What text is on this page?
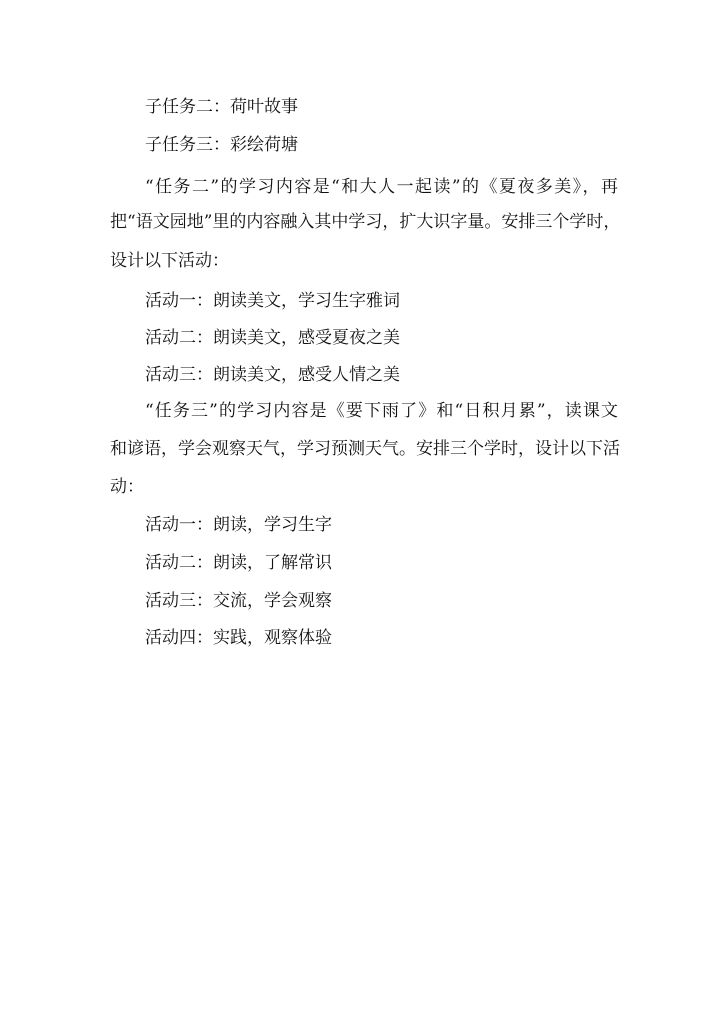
子任务二：荷叶故事
子任务三：彩绘荷塘
“任务二”的学习内容是“和大人一起读”的《夏夜多美》，再
把“语文园地”里的内容融入其中学习，扩大识字量。安排三个学时，
设计以下活动：
活动一：朗读美文，学习生字雅词
活动二：朗读美文，感受夏夜之美
活动三：朗读美文，感受人情之美
“任务三”的学习内容是《要下雨了》和“日积月累”，读课文
和谚语，学会观察天气，学习预测天气。安排三个学时，设计以下活
动：
活动一：朗读，学习生字
活动二：朗读，了解常识
活动三：交流，学会观察
活动四：实践，观察体验
